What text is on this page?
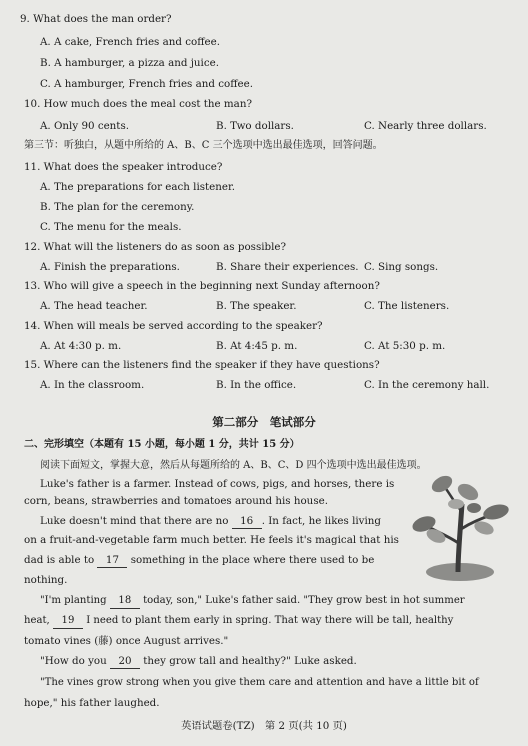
9. What does the man order?
A. A cake, French fries and coffee.
B. A hamburger, a pizza and juice.
C. A hamburger, French fries and coffee.
10. How much does the meal cost the man?
A. Only 90 cents.	B. Two dollars.	C. Nearly three dollars.
第三节：听独白，从题中所给的 A、B、C 三个选项中选出最佳选项，回答问题。
11. What does the speaker introduce?
A. The preparations for each listener.
B. The plan for the ceremony.
C. The menu for the meals.
12. What will the listeners do as soon as possible?
A. Finish the preparations.	B. Share their experiences. C. Sing songs.
13. Who will give a speech in the beginning next Sunday afternoon?
A. The head teacher.	B. The speaker.	C. The listeners.
14. When will meals be served according to the speaker?
A. At 4:30 p. m.	B. At 4:45 p. m.	C. At 5:30 p. m.
15. Where can the listeners find the speaker if they have questions?
A. In the classroom.	B. In the office.	C. In the ceremony hall.
第二部分　笔试部分
二、完形填空（本题有 15 小题，每小题 1 分，共计 15 分）
阅读下面短文，掌握大意，然后从每题所给的 A、B、C、D 四个选项中选出最佳选项。
Luke's father is a farmer. Instead of cows, pigs, and horses, there is
corn, beans, strawberries and tomatoes around his house.
Luke doesn't mind that there are no 16 . In fact, he likes living
on a fruit-and-vegetable farm much better. He feels it's magical that his
dad is able to 17 something in the place where there used to be
nothing.
"I'm planting 18 today, son," Luke's father said. "They grow best in hot summer
heat, 19 I need to plant them early in spring. That way there will be tall, healthy
tomato vines (藤) once August arrives."
"How do you 20 they grow tall and healthy?" Luke asked.
"The vines grow strong when you give them care and attention and have a little bit of
hope," his father laughed.
英语试题卷(TZ)　第 2 页(共 10 页)
